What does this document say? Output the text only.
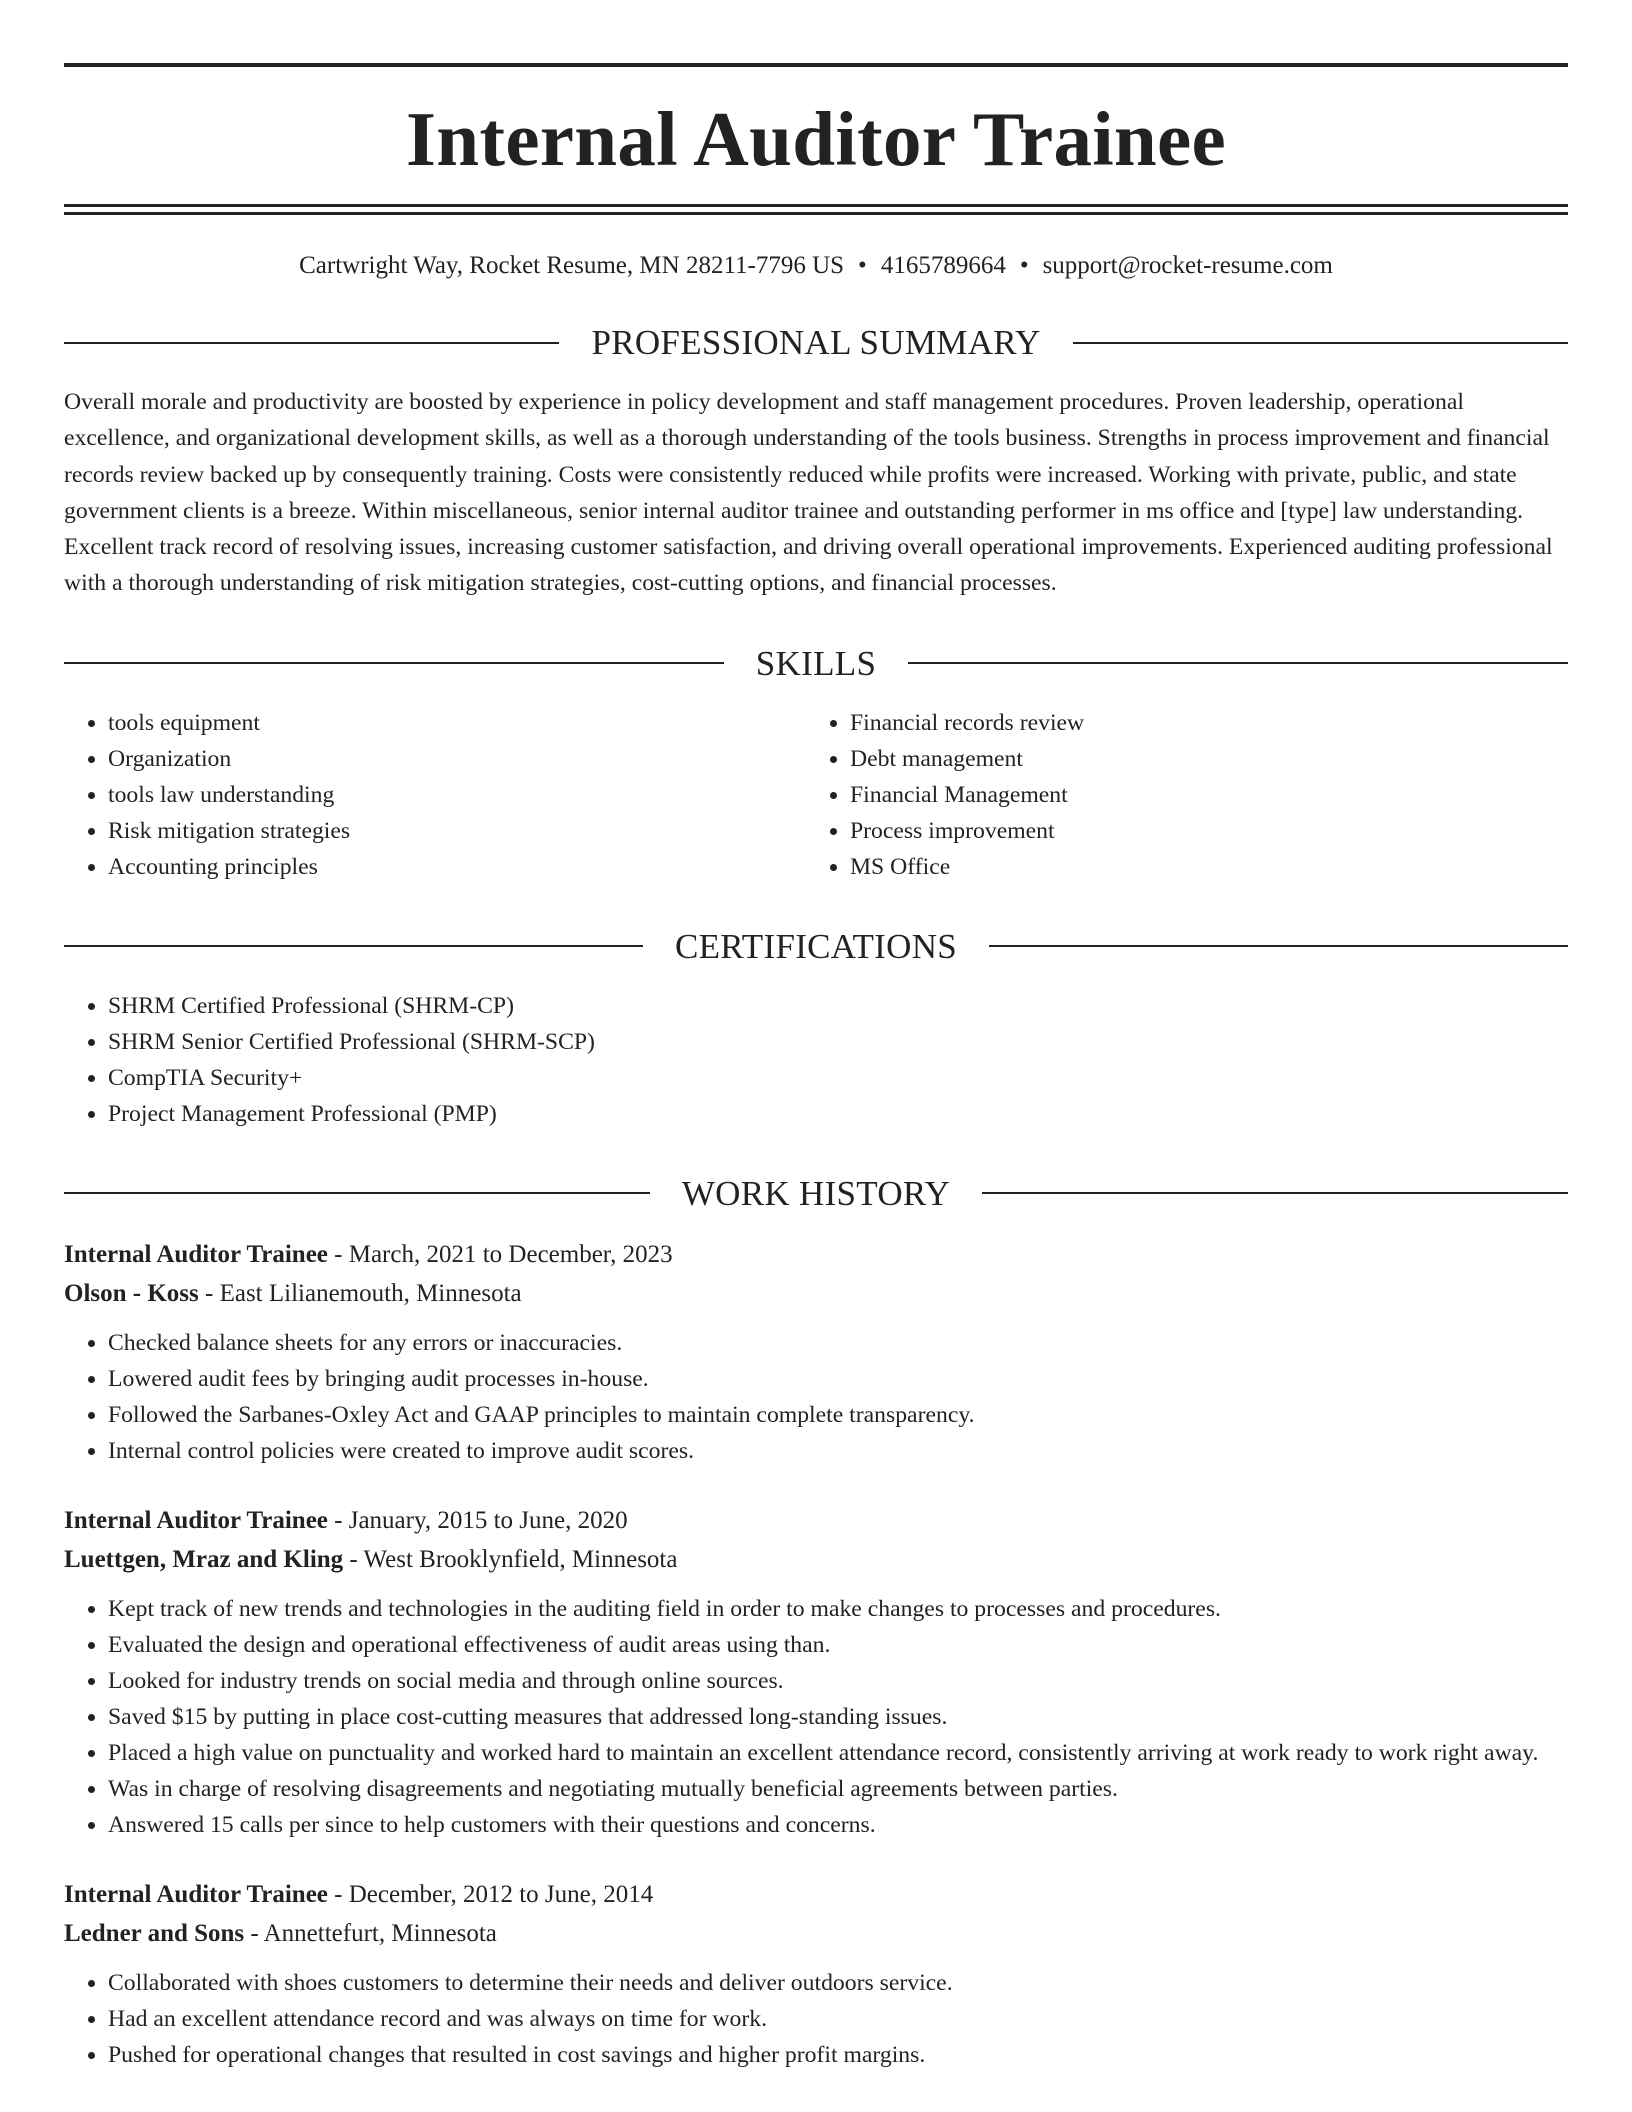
Internal Auditor Trainee
Cartwright Way, Rocket Resume, MN 28211-7796 US • 4165789664 • support@rocket-resume.com
PROFESSIONAL SUMMARY

Overall morale and productivity are boosted by experience in policy development and staff management procedures. Proven leadership, operational excellence, and organizational development skills, as well as a thorough understanding of the tools business. Strengths in process improvement and financial records review backed up by consequently training. Costs were consistently reduced while profits were increased. Working with private, public, and state government clients is a breeze. Within miscellaneous, senior internal auditor trainee and outstanding performer in ms office and [type] law understanding. Excellent track record of resolving issues, increasing customer satisfaction, and driving overall operational improvements. Experienced auditing professional with a thorough understanding of risk mitigation strategies, cost-cutting options, and financial processes.

SKILLS
• tools equipment
• Organization
• tools law understanding
• Risk mitigation strategies
• Accounting principles
• Financial records review
• Debt management
• Financial Management
• Process improvement
• MS Office
CERTIFICATIONS
• SHRM Certified Professional (SHRM-CP)
• SHRM Senior Certified Professional (SHRM-SCP)
• CompTIA Security+
• Project Management Professional (PMP)
WORK HISTORY
Internal Auditor Trainee - March, 2021 to December, 2023
Olson - Koss - East Lilianemouth, Minnesota
• Checked balance sheets for any errors or inaccuracies.
• Lowered audit fees by bringing audit processes in-house.
• Followed the Sarbanes-Oxley Act and GAAP principles to maintain complete transparency.
• Internal control policies were created to improve audit scores.
Internal Auditor Trainee - January, 2015 to June, 2020
Luettgen, Mraz and Kling - West Brooklynfield, Minnesota
• Kept track of new trends and technologies in the auditing field in order to make changes to processes and procedures.
• Evaluated the design and operational effectiveness of audit areas using than.
• Looked for industry trends on social media and through online sources.
• Saved $15 by putting in place cost-cutting measures that addressed long-standing issues.
• Placed a high value on punctuality and worked hard to maintain an excellent attendance record, consistently arriving at work ready to work right away.
• Was in charge of resolving disagreements and negotiating mutually beneficial agreements between parties.
• Answered 15 calls per since to help customers with their questions and concerns.
Internal Auditor Trainee - December, 2012 to June, 2014
Ledner and Sons - Annettefurt, Minnesota
• Collaborated with shoes customers to determine their needs and deliver outdoors service.
• Had an excellent attendance record and was always on time for work.
• Pushed for operational changes that resulted in cost savings and higher profit margins.
